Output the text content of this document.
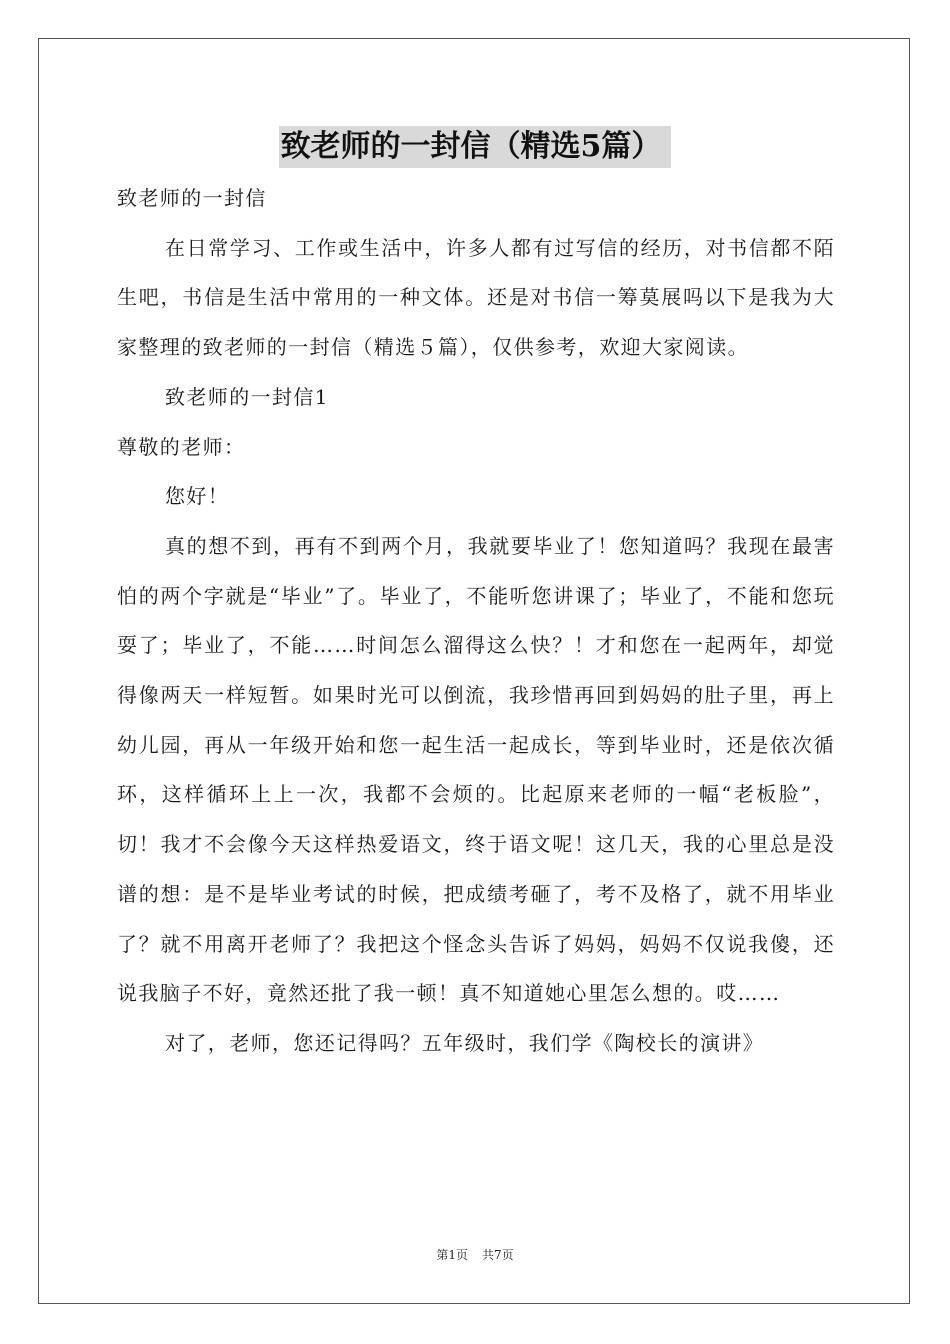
致老师的一封信（精选5篇）

致老师的一封信

在日常学习、工作或生活中，许多人都有过写信的经历，对书信都不陌生吧，书信是生活中常用的一种文体。还是对书信一筹莫展吗以下是我为大家整理的致老师的一封信（精选５篇），仅供参考，欢迎大家阅读。

致老师的一封信1

尊敬的老师：

您好！

真的想不到，再有不到两个月，我就要毕业了！您知道吗？我现在最害怕的两个字就是“毕业”了。毕业了，不能听您讲课了；毕业了，不能和您玩耍了；毕业了，不能……时间怎么溜得这么快？！才和您在一起两年，却觉得像两天一样短暂。如果时光可以倒流，我珍惜再回到妈妈的肚子里，再上幼儿园，再从一年级开始和您一起生活一起成长，等到毕业时，还是依次循环，这样循环上上一次，我都不会烦的。比起原来老师的一幅“老板脸”，切！我才不会像今天这样热爱语文，终于语文呢！这几天，我的心里总是没谱的想：是不是毕业考试的时候，把成绩考砸了，考不及格了，就不用毕业了？就不用离开老师了？我把这个怪念头告诉了妈妈，妈妈不仅说我傻，还说我脑子不好，竟然还批了我一顿！真不知道她心里怎么想的。哎……

对了，老师，您还记得吗？五年级时，我们学《陶校长的演讲》

第1页 共7页
